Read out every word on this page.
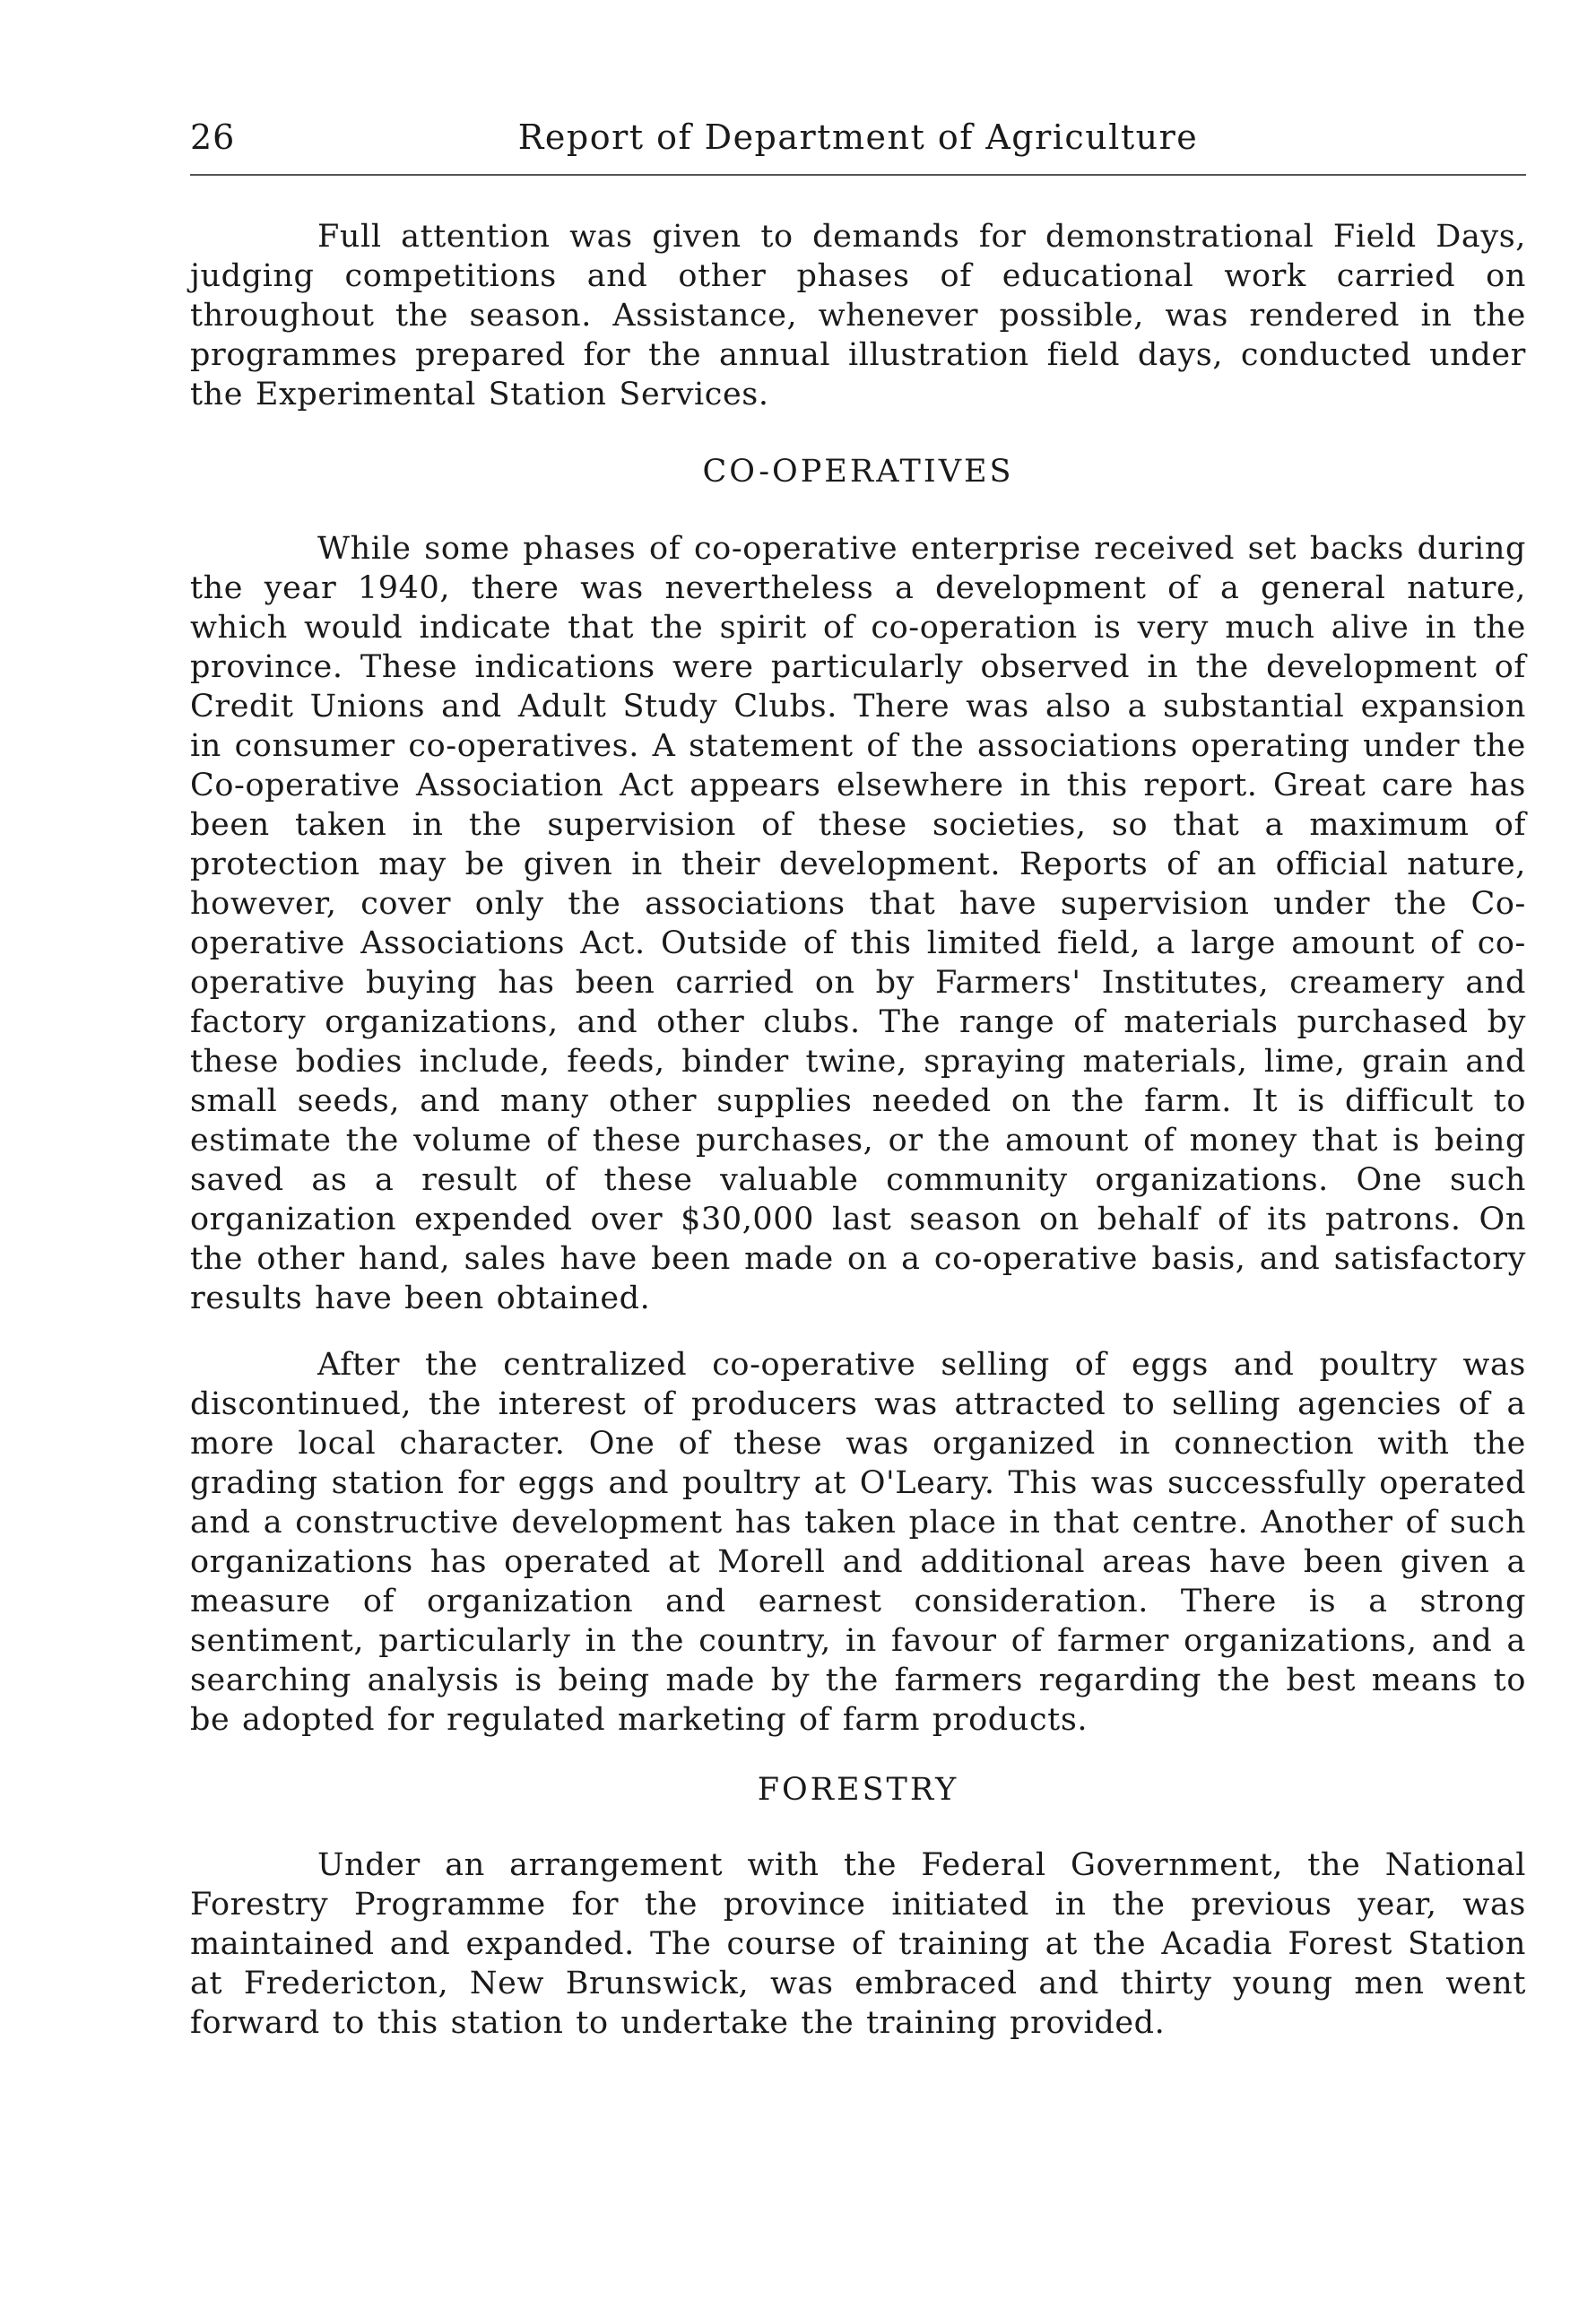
26	Report of Department of Agriculture

Full attention was given to demands for demonstrational Field Days, judging competitions and other phases of educational work carried on throughout the season. Assistance, whenever possible, was rendered in the programmes prepared for the annual illustration field days, conducted under the Experimental Station Services.

CO-OPERATIVES

While some phases of co-operative enterprise received set backs during the year 1940, there was nevertheless a development of a general nature, which would indicate that the spirit of co-operation is very much alive in the province. These indications were particularly observed in the development of Credit Unions and Adult Study Clubs. There was also a substantial expansion in consumer co-operatives. A statement of the associations operating under the Co-operative Association Act appears elsewhere in this report. Great care has been taken in the supervision of these societies, so that a maximum of protection may be given in their development. Reports of an official nature, however, cover only the associations that have supervision under the Co-operative Associations Act. Outside of this limited field, a large amount of co-operative buying has been carried on by Farmers' Institutes, creamery and factory organizations, and other clubs. The range of materials purchased by these bodies include, feeds, binder twine, spraying materials, lime, grain and small seeds, and many other supplies needed on the farm. It is difficult to estimate the volume of these purchases, or the amount of money that is being saved as a result of these valuable community organizations. One such organization expended over $30,000 last season on behalf of its patrons. On the other hand, sales have been made on a co-operative basis, and satisfactory results have been obtained.

After the centralized co-operative selling of eggs and poultry was discontinued, the interest of producers was attracted to selling agencies of a more local character. One of these was organized in connection with the grading station for eggs and poultry at O'Leary. This was successfully operated and a constructive development has taken place in that centre. Another of such organizations has operated at Morell and additional areas have been given a measure of organization and earnest consideration. There is a strong sentiment, particularly in the country, in favour of farmer organizations, and a searching analysis is being made by the farmers regarding the best means to be adopted for regulated marketing of farm products.

FORESTRY

Under an arrangement with the Federal Government, the National Forestry Programme for the province initiated in the previous year, was maintained and expanded. The course of training at the Acadia Forest Station at Fredericton, New Brunswick, was embraced and thirty young men went forward to this station to undertake the training provided.
